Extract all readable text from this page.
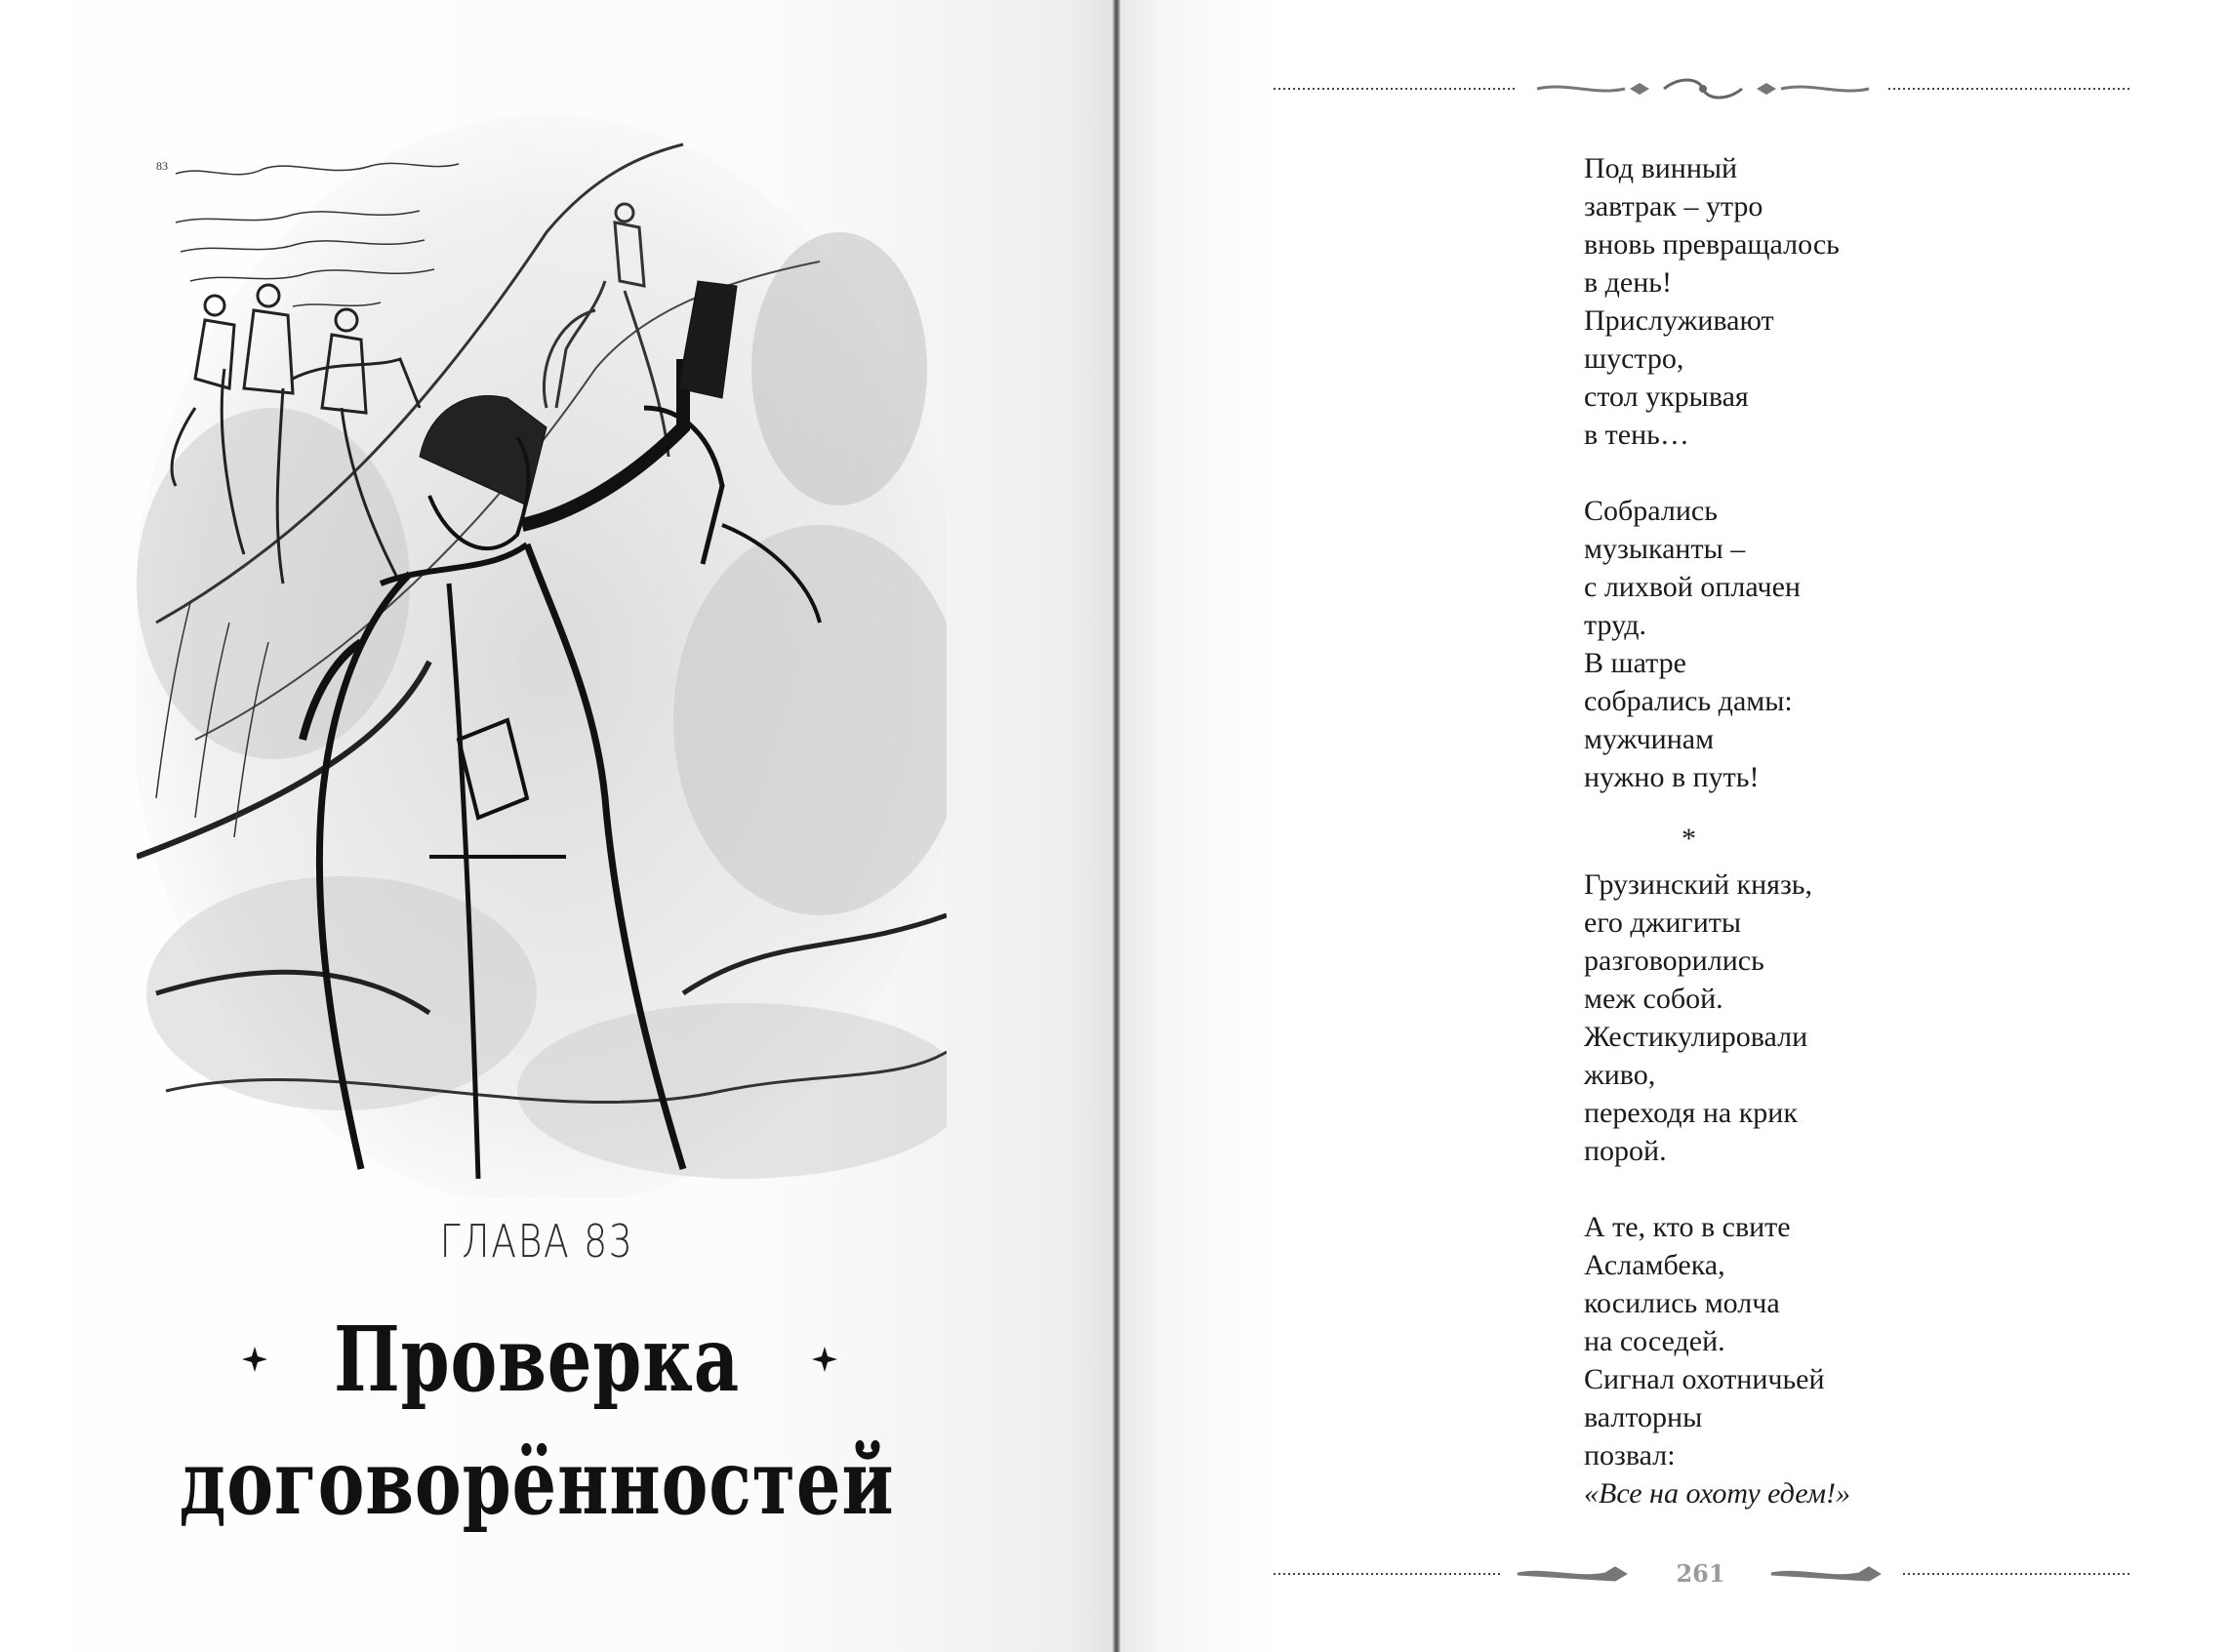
83
ГЛАВА 83
Проверка
договорённостей
Под винный
завтрак – утро
вновь превращалось
в день!
Прислуживают
шустро,
стол укрывая
в тень…
Собрались
музыканты –
с лихвой оплачен
труд.
В шатре
собрались дамы:
мужчинам
нужно в путь!
*
Грузинский князь,
его джигиты
разговорились
меж собой.
Жестикулировали
живо,
переходя на крик
порой.
А те, кто в свите
Асламбека,
косились молча
на соседей.
Сигнал охотничьей
валторны
позвал:
«Все на охоту едем!»
261
